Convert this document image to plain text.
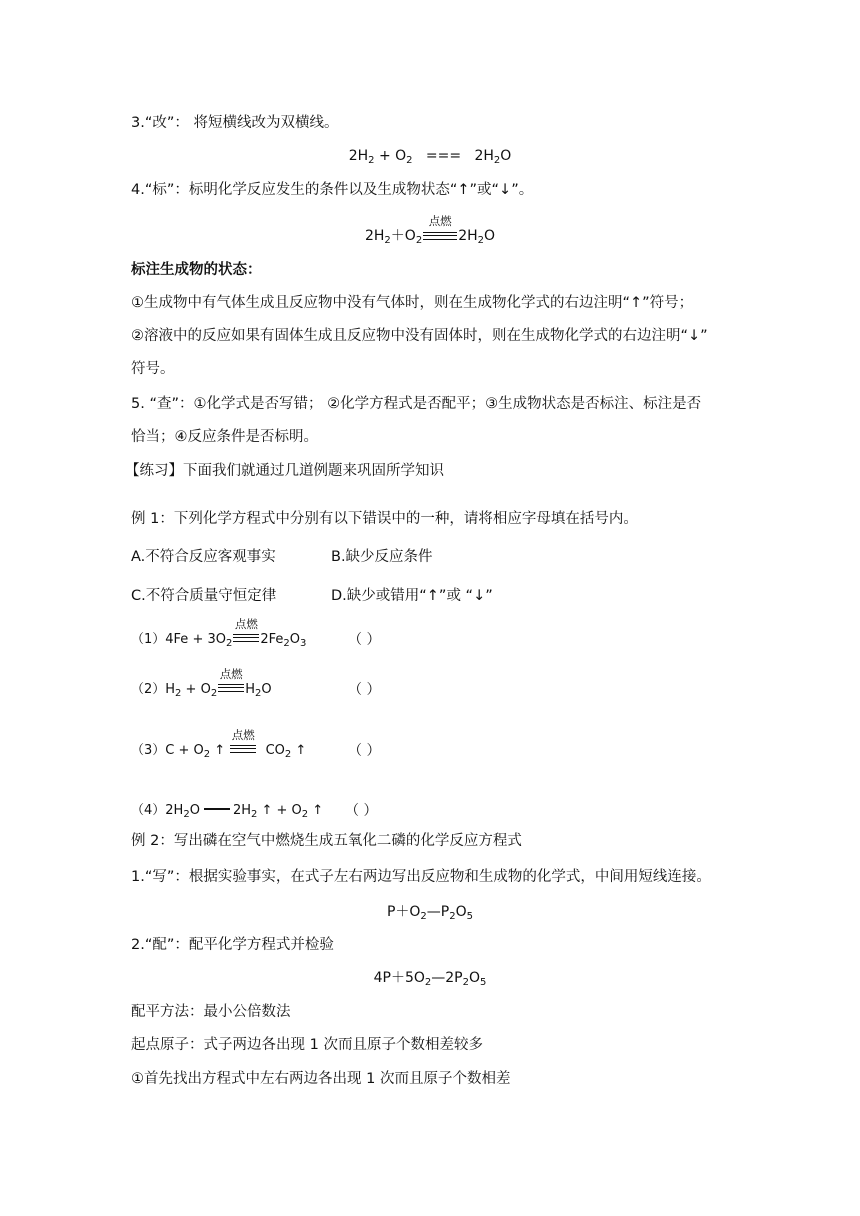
3.“改”： 将短横线改为双横线。
$2H_2 + O_2$ === $2H_2O$
4.“标”：标明化学反应发生的条件以及生成物状态“↑”或“↓”。
$2H_2+O_2$
点燃
$2H_2O$
标注生成物的状态：
①生成物中有气体生成且反应物中没有气体时，则在生成物化学式的右边注明“↑”符号；
②溶液中的反应如果有固体生成且反应物中没有固体时，则在生成物化学式的右边注明“↓”
符号。
5. “查”：①化学式是否写错； ②化学方程式是否配平；③生成物状态是否标注、标注是否
恰当；④反应条件是否标明。
【练习】下面我们就通过几道例题来巩固所学知识
例 1：下列化学方程式中分别有以下错误中的一种，请将相应字母填在括号内。
A.不符合反应客观事实	B.缺少反应条件
C.不符合质量守恒定律	D.缺少或错用“↑”或 “↓”
$(1)4Fe + 3O_2$
点燃
$2Fe_2O_3$	（ ）
$(2)H_2 + O_2$
点燃
$H_2O$	（ ）
$(3)C + O_2$ ↑
点燃
$CO_2$ ↑	（ ）
$(4)2H_2O$	$2H_2$ ↑ + $O_2$ ↑ （ ）
例 2：写出磷在空气中燃烧生成五氧化二磷的化学反应方程式
1.“写”：根据实验事实，在式子左右两边写出反应物和生成物的化学式，中间用短线连接。
$P+O_2—P_2O_5$
2.“配”：配平化学方程式并检验
$4P+5O_2—2P_2O_5$
配平方法：最小公倍数法
起点原子：式子两边各出现 1 次而且原子个数相差较多
①首先找出方程式中左右两边各出现 1 次而且原子个数相差
